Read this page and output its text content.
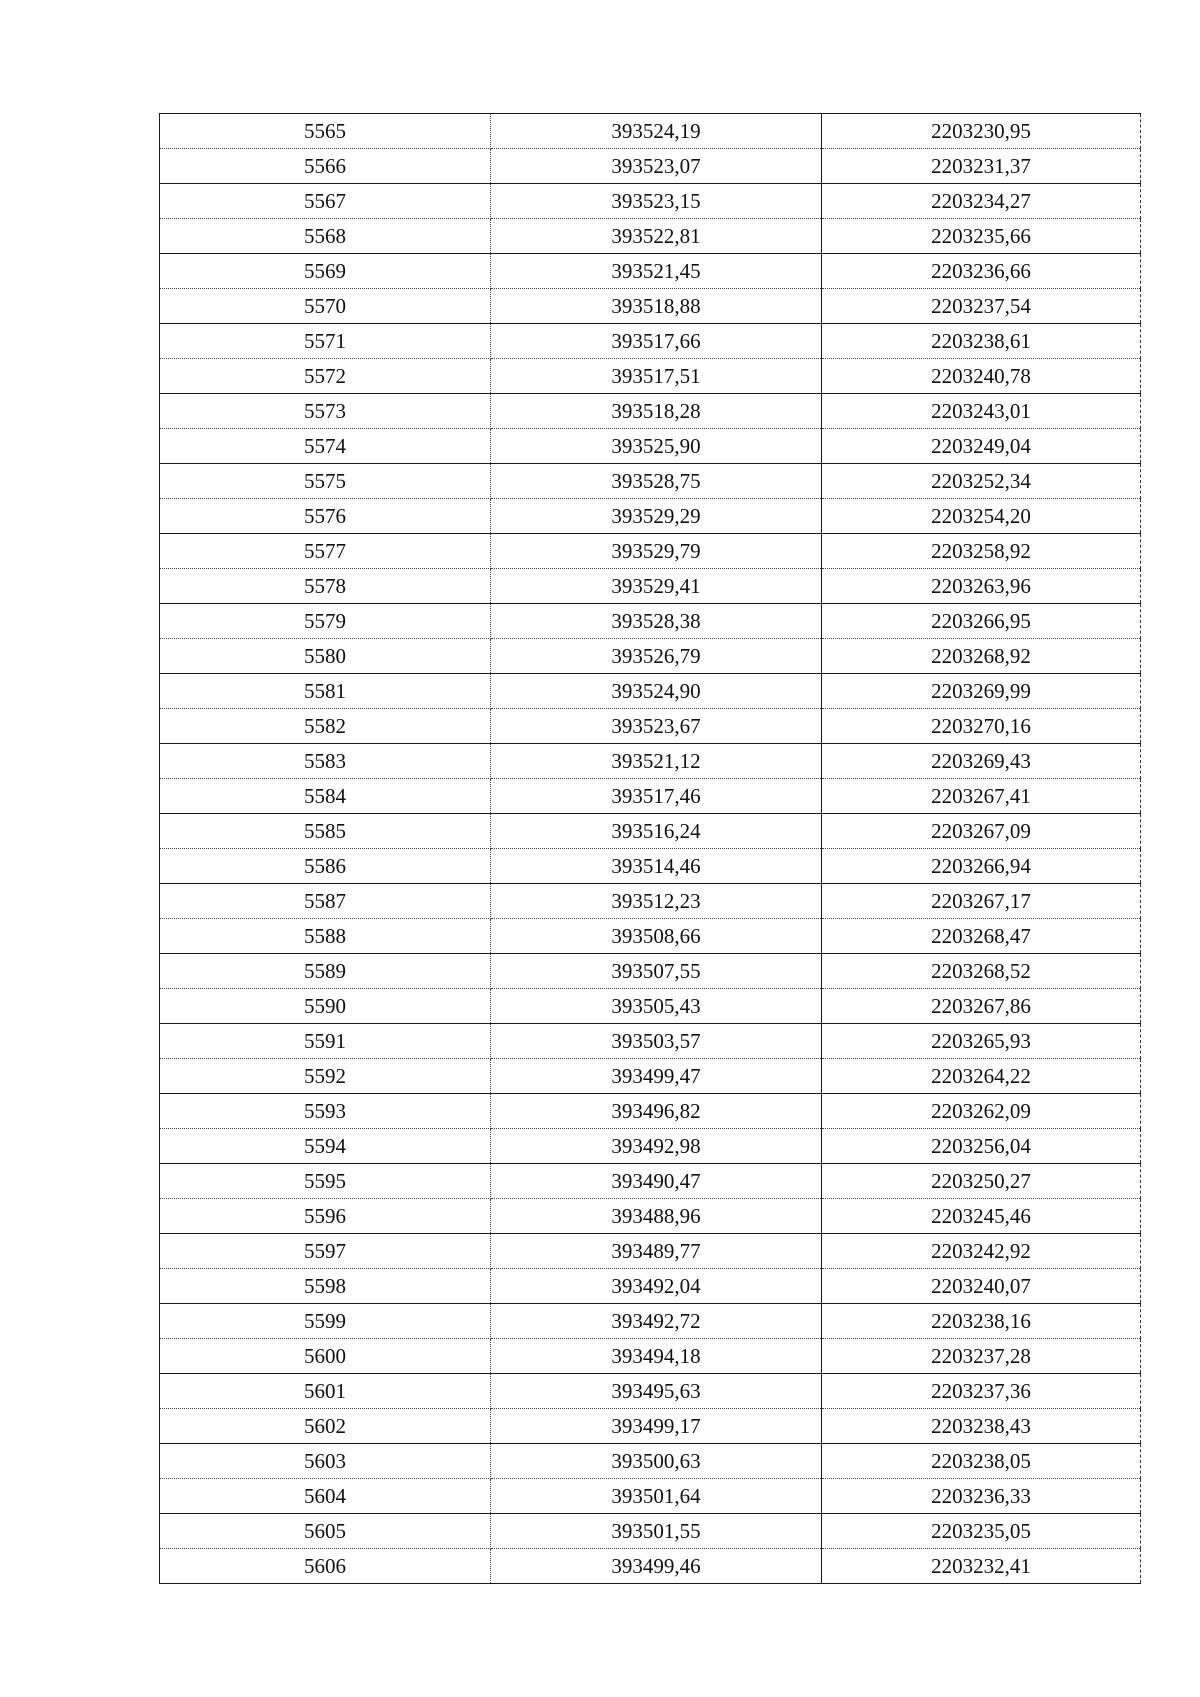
5565	393524,19	2203230,95
5566	393523,07	2203231,37
5567	393523,15	2203234,27
5568	393522,81	2203235,66
5569	393521,45	2203236,66
5570	393518,88	2203237,54
5571	393517,66	2203238,61
5572	393517,51	2203240,78
5573	393518,28	2203243,01
5574	393525,90	2203249,04
5575	393528,75	2203252,34
5576	393529,29	2203254,20
5577	393529,79	2203258,92
5578	393529,41	2203263,96
5579	393528,38	2203266,95
5580	393526,79	2203268,92
5581	393524,90	2203269,99
5582	393523,67	2203270,16
5583	393521,12	2203269,43
5584	393517,46	2203267,41
5585	393516,24	2203267,09
5586	393514,46	2203266,94
5587	393512,23	2203267,17
5588	393508,66	2203268,47
5589	393507,55	2203268,52
5590	393505,43	2203267,86
5591	393503,57	2203265,93
5592	393499,47	2203264,22
5593	393496,82	2203262,09
5594	393492,98	2203256,04
5595	393490,47	2203250,27
5596	393488,96	2203245,46
5597	393489,77	2203242,92
5598	393492,04	2203240,07
5599	393492,72	2203238,16
5600	393494,18	2203237,28
5601	393495,63	2203237,36
5602	393499,17	2203238,43
5603	393500,63	2203238,05
5604	393501,64	2203236,33
5605	393501,55	2203235,05
5606	393499,46	2203232,41
